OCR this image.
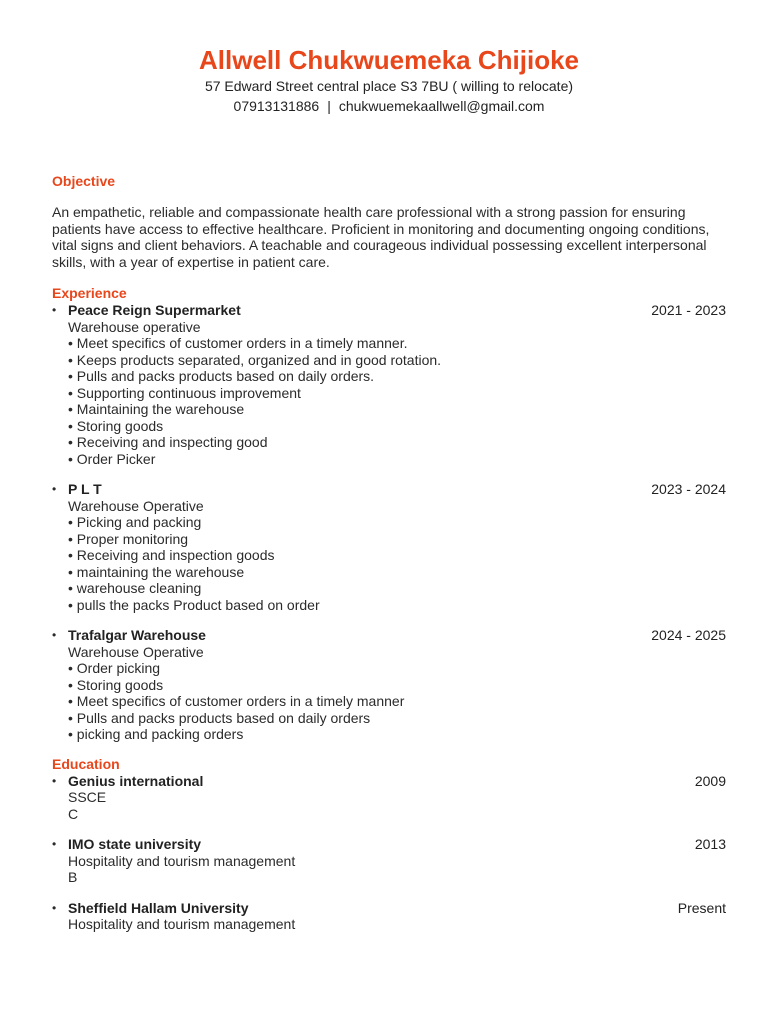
Allwell Chukwuemeka Chijioke
57 Edward Street central place S3 7BU ( willing to relocate)
07913131886 | chukwuemekaallwell@gmail.com
Objective
An empathetic, reliable and compassionate health care professional with a strong passion for ensuring patients have access to effective healthcare. Proficient in monitoring and documenting ongoing conditions, vital signs and client behaviors. A teachable and courageous individual possessing excellent interpersonal skills, with a year of expertise in patient care.
Experience
• Peace Reign Supermarket	2021 - 2023
Warehouse operative
• Meet specifics of customer orders in a timely manner.
• Keeps products separated, organized and in good rotation.
• Pulls and packs products based on daily orders.
• Supporting continuous improvement
• Maintaining the warehouse
• Storing goods
• Receiving and inspecting good
• Order Picker
• P L T	2023 - 2024
Warehouse Operative
• Picking and packing
• Proper monitoring
• Receiving and inspection goods
• maintaining the warehouse
• warehouse cleaning
• pulls the packs Product based on order
• Trafalgar Warehouse	2024 - 2025
Warehouse Operative
• Order picking
• Storing goods
• Meet specifics of customer orders in a timely manner
• Pulls and packs products based on daily orders
• picking and packing orders
Education
• Genius international	2009
SSCE
C
• IMO state university	2013
Hospitality and tourism management
B
• Sheffield Hallam University	Present
Hospitality and tourism management
